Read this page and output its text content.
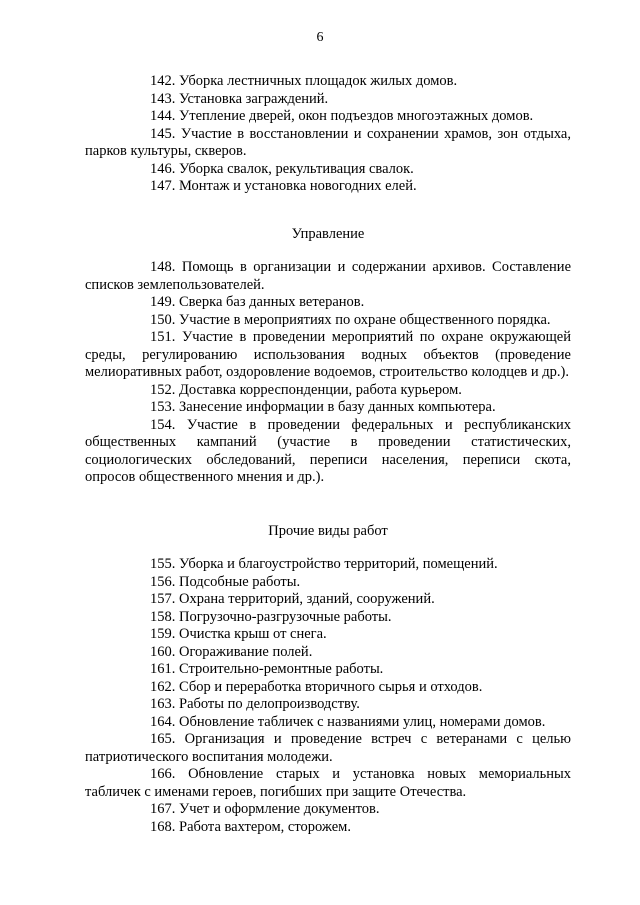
6

142. Уборка лестничных площадок жилых домов.

143. Установка заграждений.

144. Утепление дверей, окон подъездов многоэтажных домов.

145. Участие в восстановлении и сохранении храмов, зон отдыха, парков культуры, скверов.

146. Уборка свалок, рекультивация свалок.

147. Монтаж и установка новогодних елей.

Управление

148. Помощь в организации и содержании архивов. Составление списков землепользователей.

149. Сверка баз данных ветеранов.

150. Участие в мероприятиях по охране общественного порядка.

151. Участие в проведении мероприятий по охране окружающей среды, регулированию использования водных объектов (проведение мелиоративных работ, оздоровление водоемов, строительство колодцев и др.).

152. Доставка корреспонденции, работа курьером.

153. Занесение информации в базу данных компьютера.

154. Участие в проведении федеральных и республиканских общественных кампаний (участие в проведении статистических, социологических обследований, переписи населения, переписи скота, опросов общественного мнения и др.).

Прочие виды работ

155. Уборка и благоустройство территорий, помещений.

156. Подсобные работы.

157. Охрана территорий, зданий, сооружений.

158. Погрузочно-разгрузочные работы.

159. Очистка крыш от снега.

160. Огораживание полей.

161. Строительно-ремонтные работы.

162. Сбор и переработка вторичного сырья и отходов.

163. Работы по делопроизводству.

164. Обновление табличек с названиями улиц, номерами домов.

165. Организация и проведение встреч с ветеранами с целью патриотического воспитания молодежи.

166. Обновление старых и установка новых мемориальных табличек с именами героев, погибших при защите Отечества.

167. Учет и оформление документов.

168. Работа вахтером, сторожем.
